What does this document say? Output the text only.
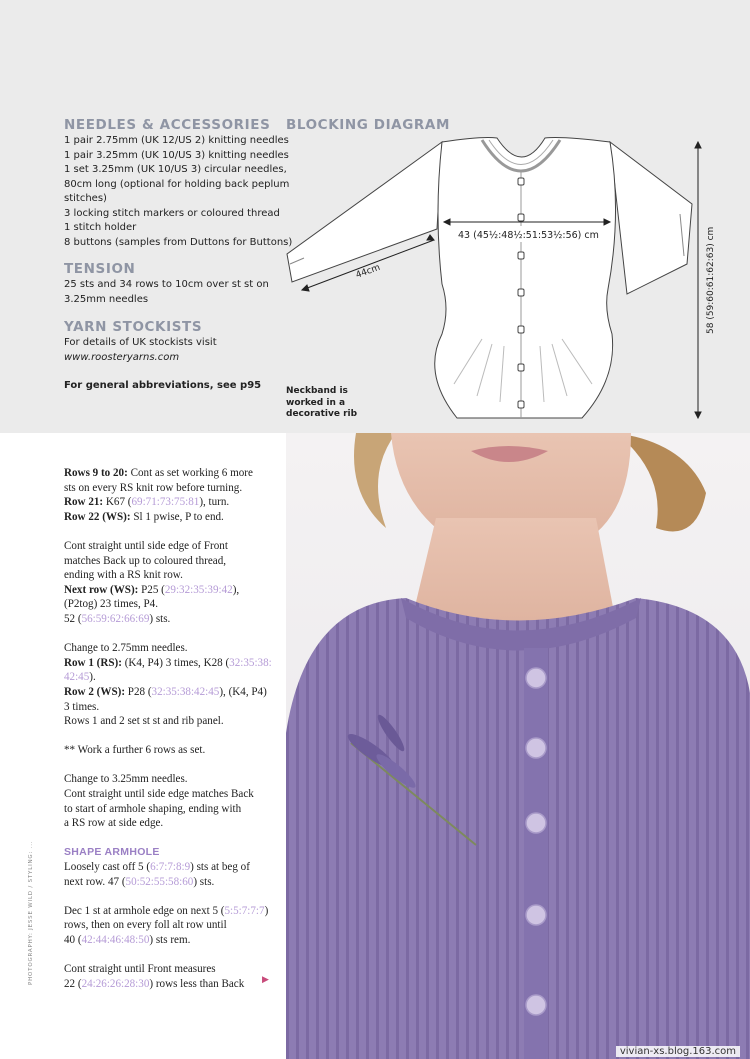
NEEDLES & ACCESSORIES
1 pair 2.75mm (UK 12/US 2) knitting needles
1 pair 3.25mm (UK 10/US 3) knitting needles
1 set 3.25mm (UK 10/US 3) circular needles,
80cm long (optional for holding back peplum
stitches)
3 locking stitch markers or coloured thread
1 stitch holder
8 buttons (samples from Duttons for Buttons)
TENSION
25 sts and 34 rows to 10cm over st st on
3.25mm needles
YARN STOCKISTS
For details of UK stockists visit
www.roosteryarns.com
For general abbreviations, see p95
BLOCKING DIAGRAM
43 (45½:48½:51:53½:56) cm
44cm	58 (59:60:61:62:63) cm
Neckband is
worked in a
decorative rib

Rows 9 to 20: Cont as set working 6 more
sts on every RS knit row before turning.
Row 21: K67 (69:71:73:75:81), turn.
Row 22 (WS): Sl 1 pwise, P to end.

Cont straight until side edge of Front
matches Back up to coloured thread,
ending with a RS knit row.
Next row (WS): P25 (29:32:35:39:42),
(P2tog) 23 times, P4.
52 (56:59:62:66:69) sts.

Change to 2.75mm needles.
Row 1 (RS): (K4, P4) 3 times, K28 (32:35:38:
42:45).
Row 2 (WS): P28 (32:35:38:42:45), (K4, P4)
3 times.
Rows 1 and 2 set st st and rib panel.

** Work a further 6 rows as set.

Change to 3.25mm needles.
Cont straight until side edge matches Back
to start of armhole shaping, ending with
a RS row at side edge.

SHAPE ARMHOLE
Loosely cast off 5 (6:7:7:8:9) sts at beg of
next row. 47 (50:52:55:58:60) sts.

Dec 1 st at armhole edge on next 5 (5:5:7:7:7)
rows, then on every foll alt row until
40 (42:44:46:48:50) sts rem.

Cont straight until Front measures
22 (24:26:26:28:30) rows less than Back	▶
PHOTOGRAPHY: JESSE WILD / STYLING: ...
vivian-xs.blog.163.com
